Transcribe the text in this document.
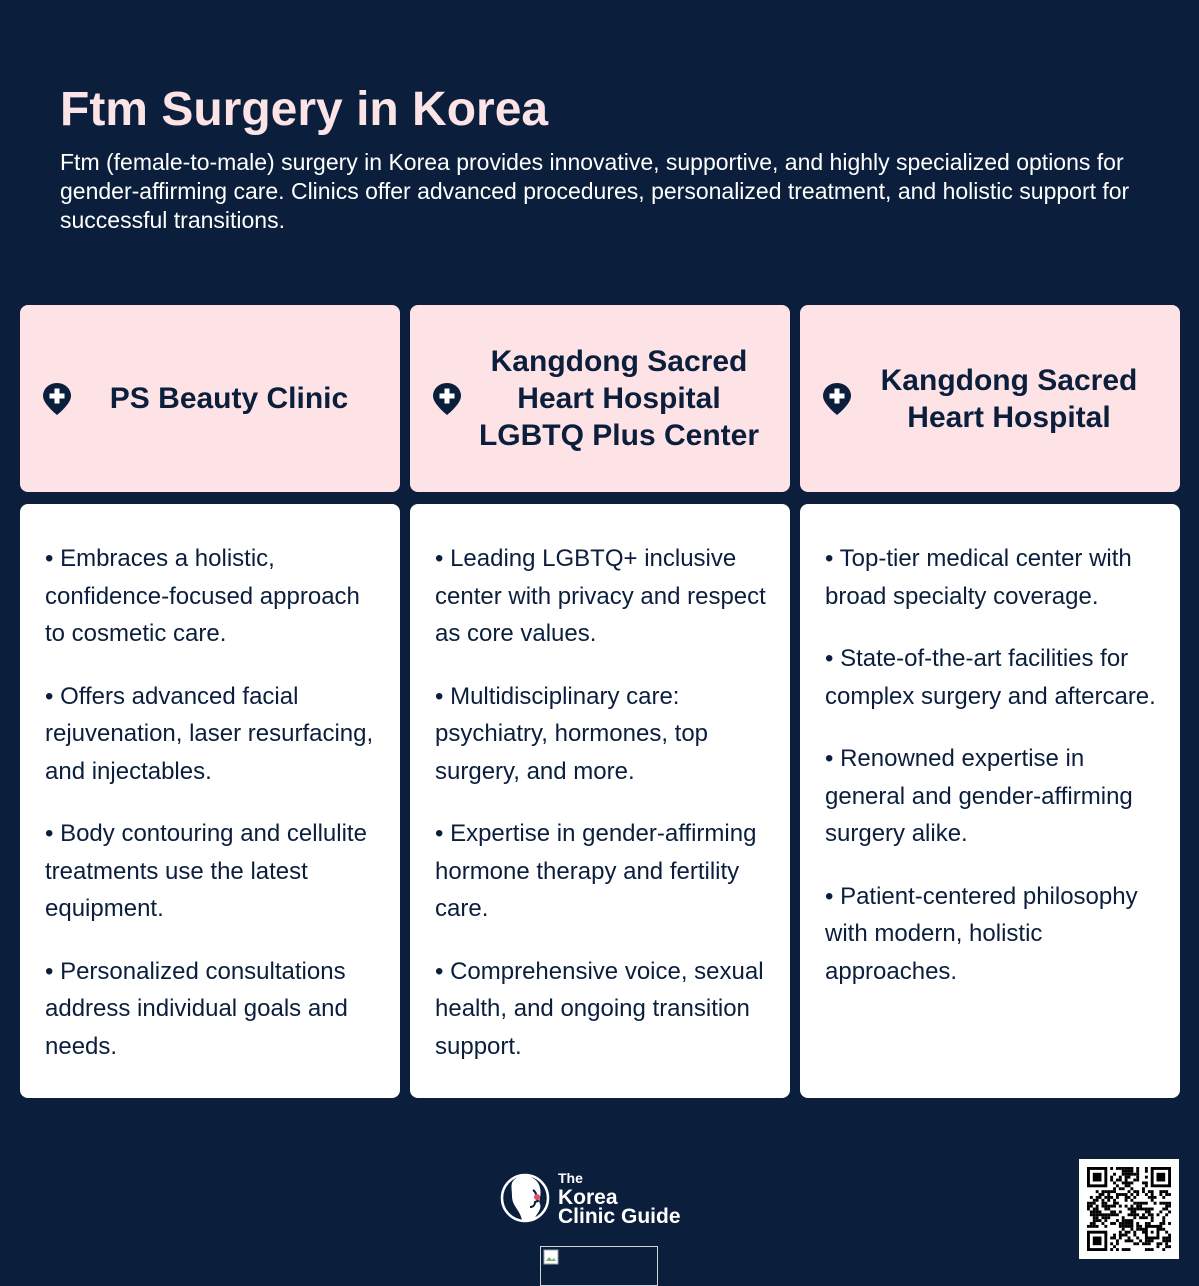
Ftm Surgery in Korea

Ftm (female-to-male) surgery in Korea provides innovative, supportive, and highly specialized options for gender-affirming care. Clinics offer advanced procedures, personalized treatment, and holistic support for successful transitions.

PS Beauty Clinic

• Embraces a holistic, confidence-focused approach to cosmetic care.

• Offers advanced facial rejuvenation, laser resurfacing, and injectables.

• Body contouring and cellulite treatments use the latest equipment.

• Personalized consultations address individual goals and needs.

Kangdong Sacred Heart Hospital LGBTQ Plus Center

• Leading LGBTQ+ inclusive center with privacy and respect as core values.

• Multidisciplinary care: psychiatry, hormones, top surgery, and more.

• Expertise in gender-affirming hormone therapy and fertility care.

• Comprehensive voice, sexual health, and ongoing transition support.

Kangdong Sacred Heart Hospital

• Top-tier medical center with broad specialty coverage.

• State-of-the-art facilities for complex surgery and aftercare.

• Renowned expertise in general and gender-affirming surgery alike.

• Patient-centered philosophy with modern, holistic approaches.

The
Korea
Clinic Guide
